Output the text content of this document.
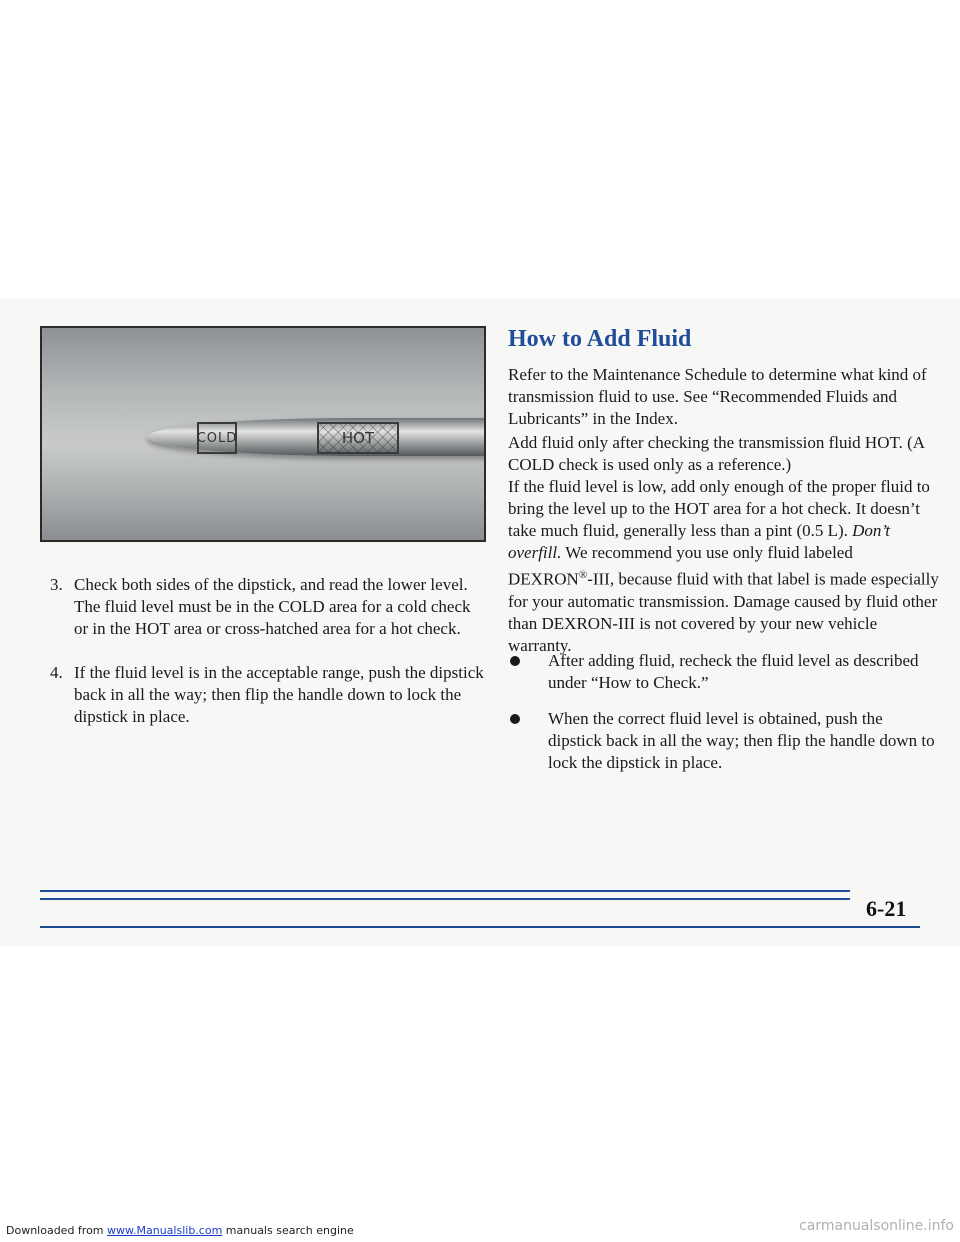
COLD	HOT
3. Check both sides of the dipstick, and read the lower level. The fluid level must be in the COLD area for a cold check or in the HOT area or cross-hatched area for a hot check.
4. If the fluid level is in the acceptable range, push the dipstick back in all the way; then flip the handle down to lock the dipstick in place.
How to Add Fluid
Refer to the Maintenance Schedule to determine what kind of transmission fluid to use. See “Recommended Fluids and Lubricants” in the Index.
Add fluid only after checking the transmission fluid HOT. (A COLD check is used only as a reference.)
If the fluid level is low, add only enough of the proper fluid to bring the level up to the HOT area for a hot check. It doesn’t take much fluid, generally less than a pint (0.5 L). Don’t overfill. We recommend you use only fluid labeled DEXRON®-III, because fluid with that label is made especially for your automatic transmission. Damage caused by fluid other than DEXRON-III is not covered by your new vehicle warranty.
After adding fluid, recheck the fluid level as described under “How to Check.”
When the correct fluid level is obtained, push the dipstick back in all the way; then flip the handle down to lock the dipstick in place.
6-21
Downloaded from www.Manualslib.com manuals search engine	carmanualsonline.info
